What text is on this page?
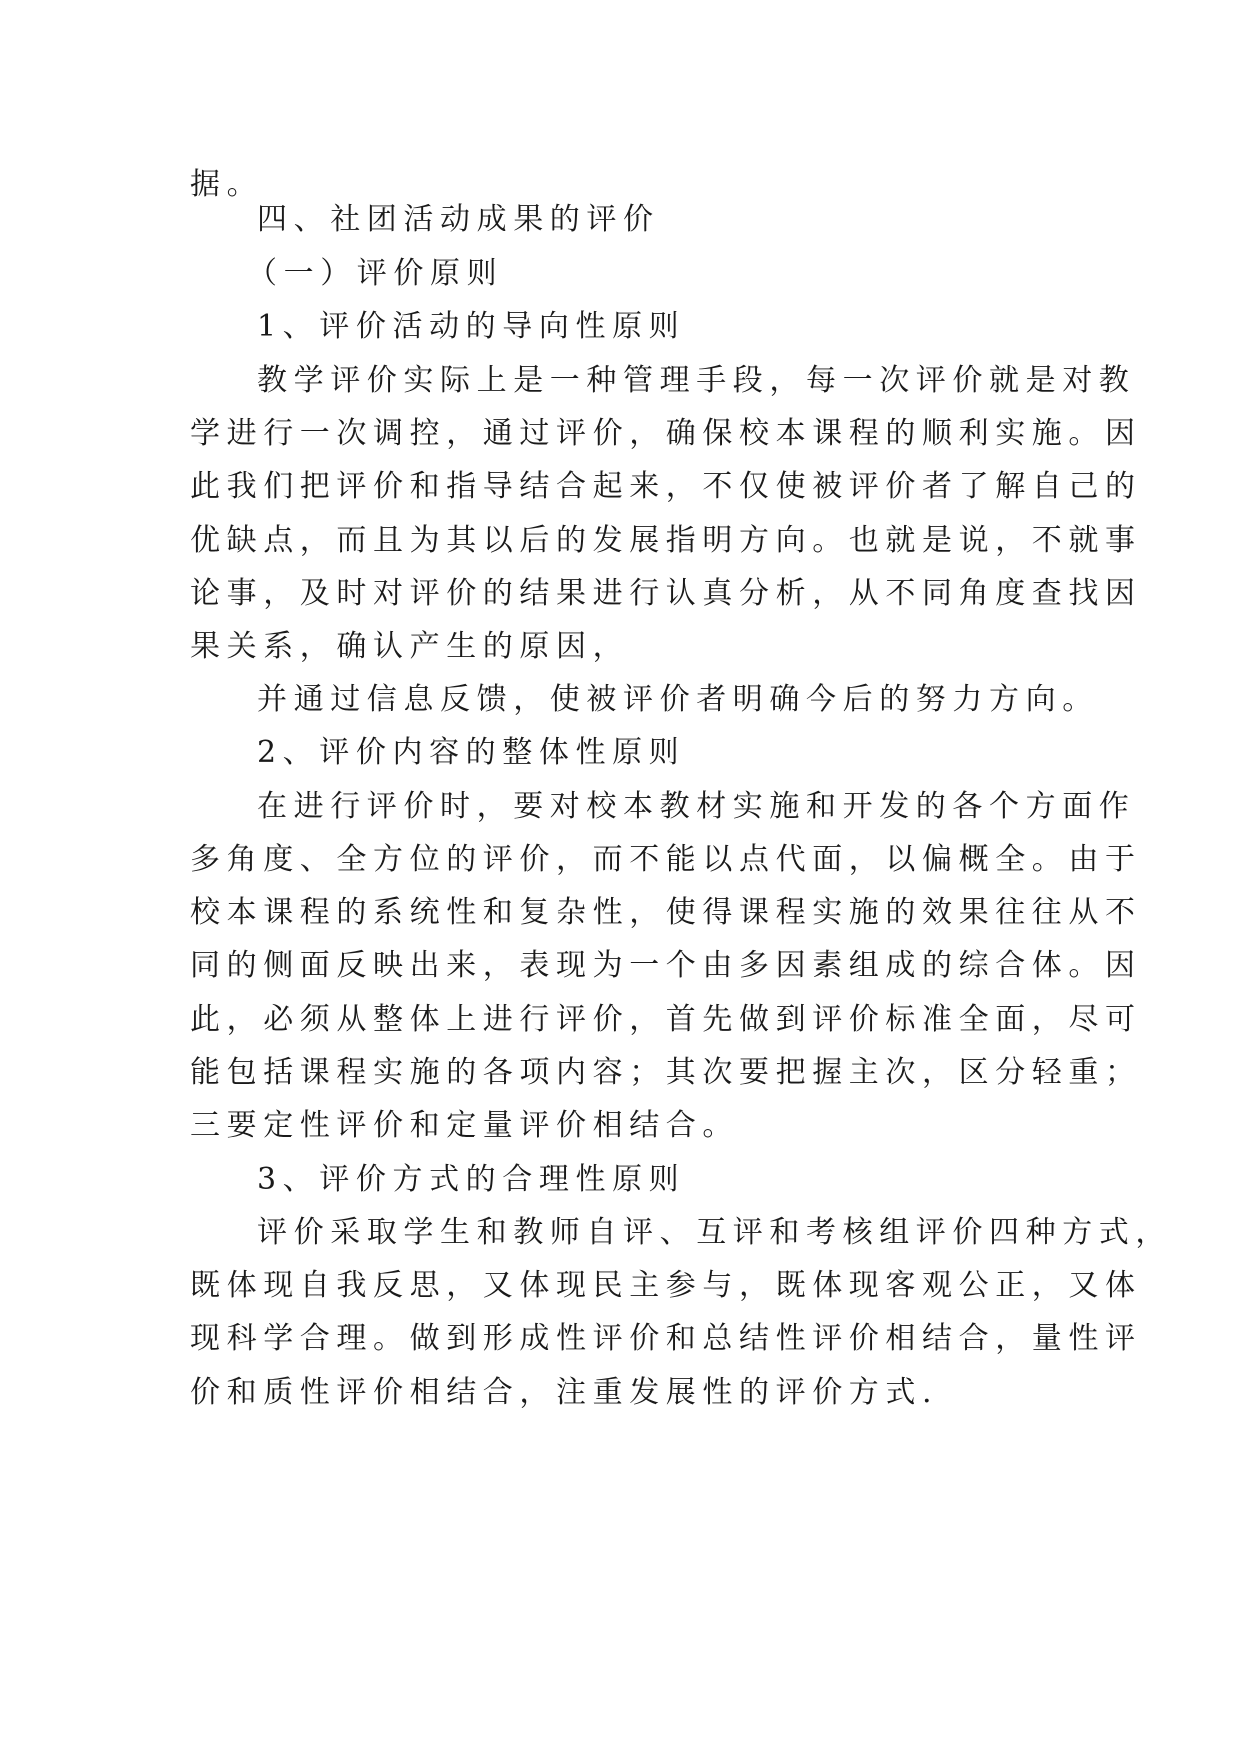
据。
四、社团活动成果的评价
（一）评价原则
1、评价活动的导向性原则
教学评价实际上是一种管理手段，每一次评价就是对教
学进行一次调控，通过评价，确保校本课程的顺利实施。因
此我们把评价和指导结合起来，不仅使被评价者了解自己的
优缺点，而且为其以后的发展指明方向。也就是说，不就事
论事，及时对评价的结果进行认真分析，从不同角度查找因
果关系，确认产生的原因，
并通过信息反馈，使被评价者明确今后的努力方向。
2、评价内容的整体性原则
在进行评价时，要对校本教材实施和开发的各个方面作
多角度、全方位的评价，而不能以点代面，以偏概全。由于
校本课程的系统性和复杂性，使得课程实施的效果往往从不
同的侧面反映出来，表现为一个由多因素组成的综合体。因
此，必须从整体上进行评价，首先做到评价标准全面，尽可
能包括课程实施的各项内容；其次要把握主次，区分轻重；
三要定性评价和定量评价相结合。
3、评价方式的合理性原则
评价采取学生和教师自评、互评和考核组评价四种方式，
既体现自我反思，又体现民主参与，既体现客观公正，又体
现科学合理。做到形成性评价和总结性评价相结合，量性评
价和质性评价相结合，注重发展性的评价方式.
